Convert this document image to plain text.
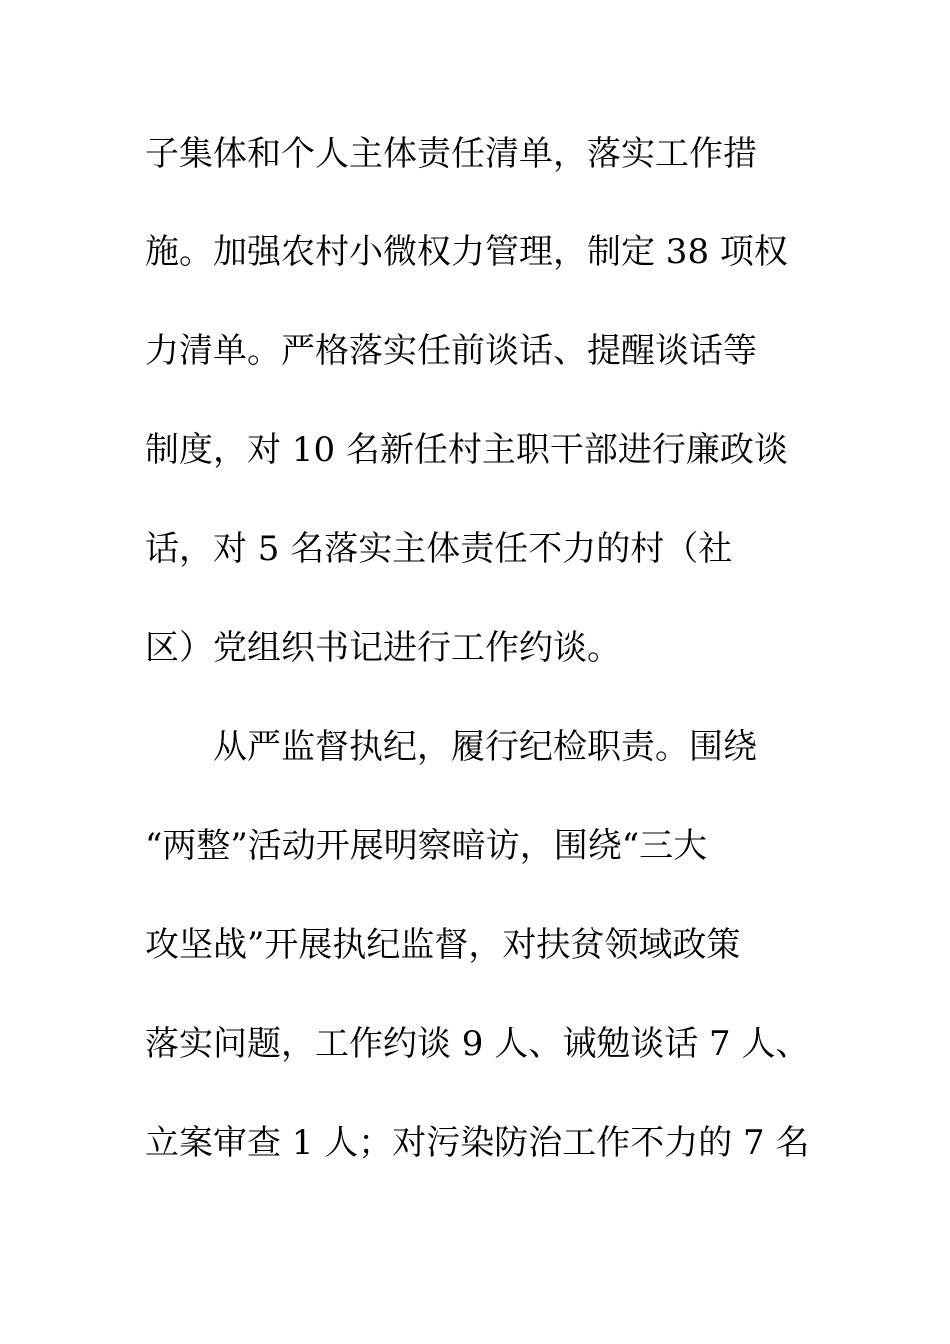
子集体和个人主体责任清单，落实工作措
施。加强农村小微权力管理，制定 38 项权
力清单。严格落实任前谈话、提醒谈话等
制度，对 10 名新任村主职干部进行廉政谈
话，对 5 名落实主体责任不力的村（社
区）党组织书记进行工作约谈。
从严监督执纪，履行纪检职责。围绕
“两整”活动开展明察暗访，围绕“三大
攻坚战”开展执纪监督，对扶贫领域政策
落实问题，工作约谈 9 人、诫勉谈话 7 人、
立案审查 1 人；对污染防治工作不力的 7 名
